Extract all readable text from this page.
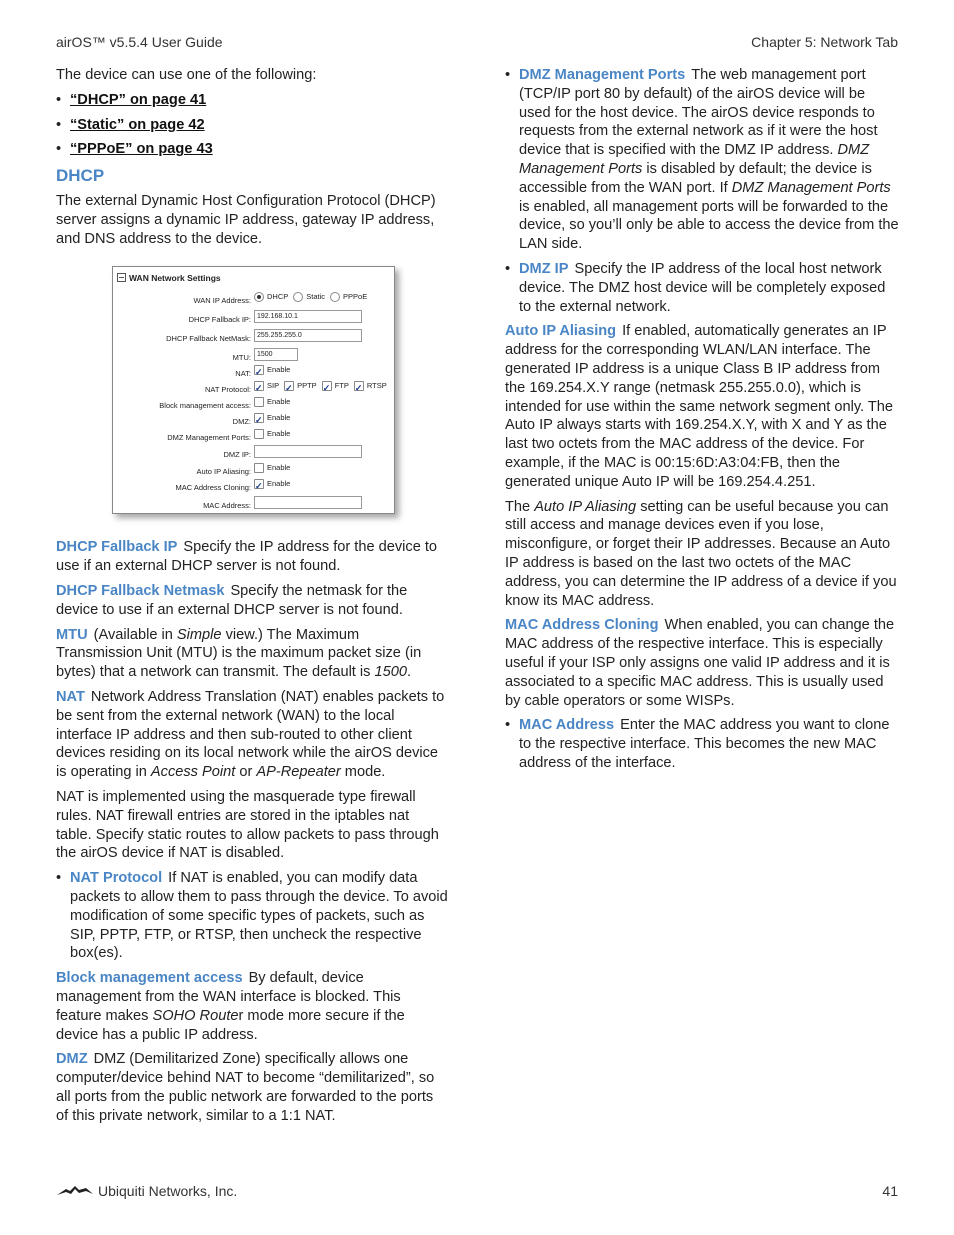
airOS™ v5.5.4 User Guide	Chapter 5: Network Tab

The device can use one of the following:

• “DHCP” on page 41
• “Static” on page 42
• “PPPoE” on page 43
DHCP

The external Dynamic Host Configuration Protocol (DHCP) server assigns a dynamic IP address, gateway IP address, and DNS address to the device.

WAN Network Settings
WAN IP Address: DHCP Static PPPoE
DHCP Fallback IP: 192.168.10.1
DHCP Fallback NetMask: 255.255.255.0
MTU: 1500
NAT: ✓ Enable
NAT Protocol: ✓ SIP ✓ PPTP ✓ FTP ✓ RTSP
Block management access: Enable
DMZ: ✓ Enable
DMZ Management Ports: Enable
DMZ IP:
Auto IP Aliasing: Enable
MAC Address Cloning: ✓ Enable
MAC Address:

DHCP Fallback IP Specify the IP address for the device to use if an external DHCP server is not found.

DHCP Fallback Netmask Specify the netmask for the device to use if an external DHCP server is not found.

MTU (Available in Simple view.) The Maximum Transmission Unit (MTU) is the maximum packet size (in bytes) that a network can transmit. The default is 1500.

NAT Network Address Translation (NAT) enables packets to be sent from the external network (WAN) to the local interface IP address and then sub-routed to other client devices residing on its local network while the airOS device is operating in Access Point or AP-Repeater mode.

NAT is implemented using the masquerade type firewall rules. NAT firewall entries are stored in the iptables nat table. Specify static routes to allow packets to pass through the airOS device if NAT is disabled.

• NAT Protocol If NAT is enabled, you can modify data packets to allow them to pass through the device. To avoid modification of some specific types of packets, such as SIP, PPTP, FTP, or RTSP, then uncheck the respective box(es).

Block management access By default, device management from the WAN interface is blocked. This feature makes SOHO Router mode more secure if the device has a public IP address.

DMZ DMZ (Demilitarized Zone) specifically allows one computer/device behind NAT to become “demilitarized”, so all ports from the public network are forwarded to the ports of this private network, similar to a 1:1 NAT.

• DMZ Management Ports The web management port (TCP/IP port 80 by default) of the airOS device will be used for the host device. The airOS device responds to requests from the external network as if it were the host device that is specified with the DMZ IP address. DMZ Management Ports is disabled by default; the device is accessible from the WAN port. If DMZ Management Ports is enabled, all management ports will be forwarded to the device, so you’ll only be able to access the device from the LAN side.
• DMZ IP Specify the IP address of the local host network device. The DMZ host device will be completely exposed to the external network.

Auto IP Aliasing If enabled, automatically generates an IP address for the corresponding WLAN/LAN interface. The generated IP address is a unique Class B IP address from the 169.254.X.Y range (netmask 255.255.0.0), which is intended for use within the same network segment only. The Auto IP always starts with 169.254.X.Y, with X and Y as the last two octets from the MAC address of the device. For example, if the MAC is 00:15:6D:A3:04:FB, then the generated unique Auto IP will be 169.254.4.251.

The Auto IP Aliasing setting can be useful because you can still access and manage devices even if you lose, misconfigure, or forget their IP addresses. Because an Auto IP address is based on the last two octets of the MAC address, you can determine the IP address of a device if you know its MAC address.

MAC Address Cloning When enabled, you can change the MAC address of the respective interface. This is especially useful if your ISP only assigns one valid IP address and it is associated to a specific MAC address. This is usually used by cable operators or some WISPs.

• MAC Address Enter the MAC address you want to clone to the respective interface. This becomes the new MAC address of the interface.
Ubiquiti Networks, Inc.	41
